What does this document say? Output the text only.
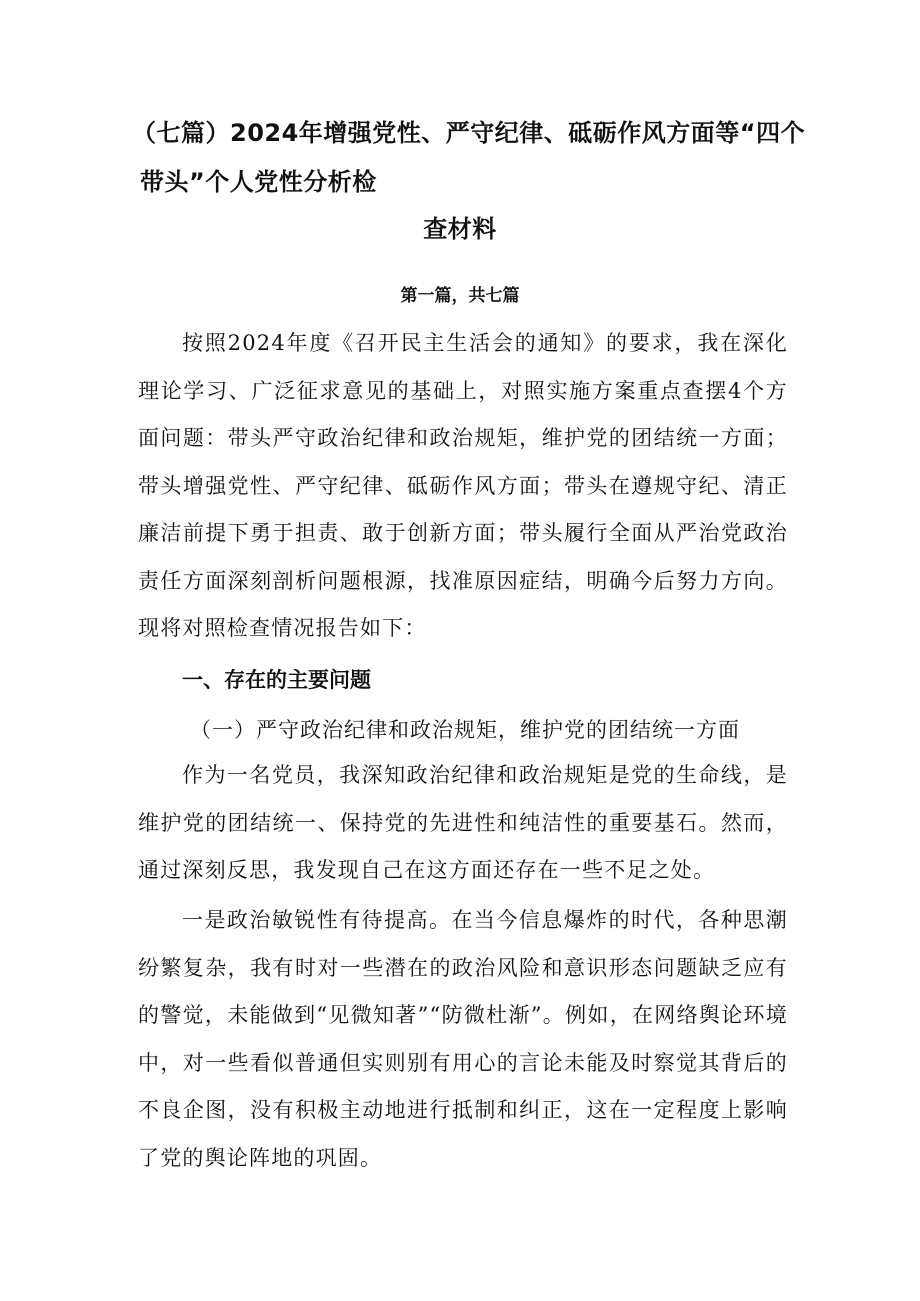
（七篇）2024年增强党性、严守纪律、砥砺作风方面等“四个
带头”个人党性分析检
查材料
第一篇，共七篇

按照2024年度《召开民主生活会的通知》的要求，我在深化理论学习、广泛征求意见的基础上，对照实施方案重点查摆4个方面问题：带头严守政治纪律和政治规矩，维护党的团结统一方面；带头增强党性、严守纪律、砥砺作风方面；带头在遵规守纪、清正廉洁前提下勇于担责、敢于创新方面；带头履行全面从严治党政治责任方面深刻剖析问题根源，找准原因症结，明确今后努力方向。现将对照检查情况报告如下：

一、存在的主要问题
（一）严守政治纪律和政治规矩，维护党的团结统一方面

作为一名党员，我深知政治纪律和政治规矩是党的生命线，是维护党的团结统一、保持党的先进性和纯洁性的重要基石。然而，通过深刻反思，我发现自己在这方面还存在一些不足之处。

一是政治敏锐性有待提高。在当今信息爆炸的时代，各种思潮纷繁复杂，我有时对一些潜在的政治风险和意识形态问题缺乏应有的警觉，未能做到“见微知著”“防微杜渐”。例如，在网络舆论环境中，对一些看似普通但实则别有用心的言论未能及时察觉其背后的不良企图，没有积极主动地进行抵制和纠正，这在一定程度上影响了党的舆论阵地的巩固。
